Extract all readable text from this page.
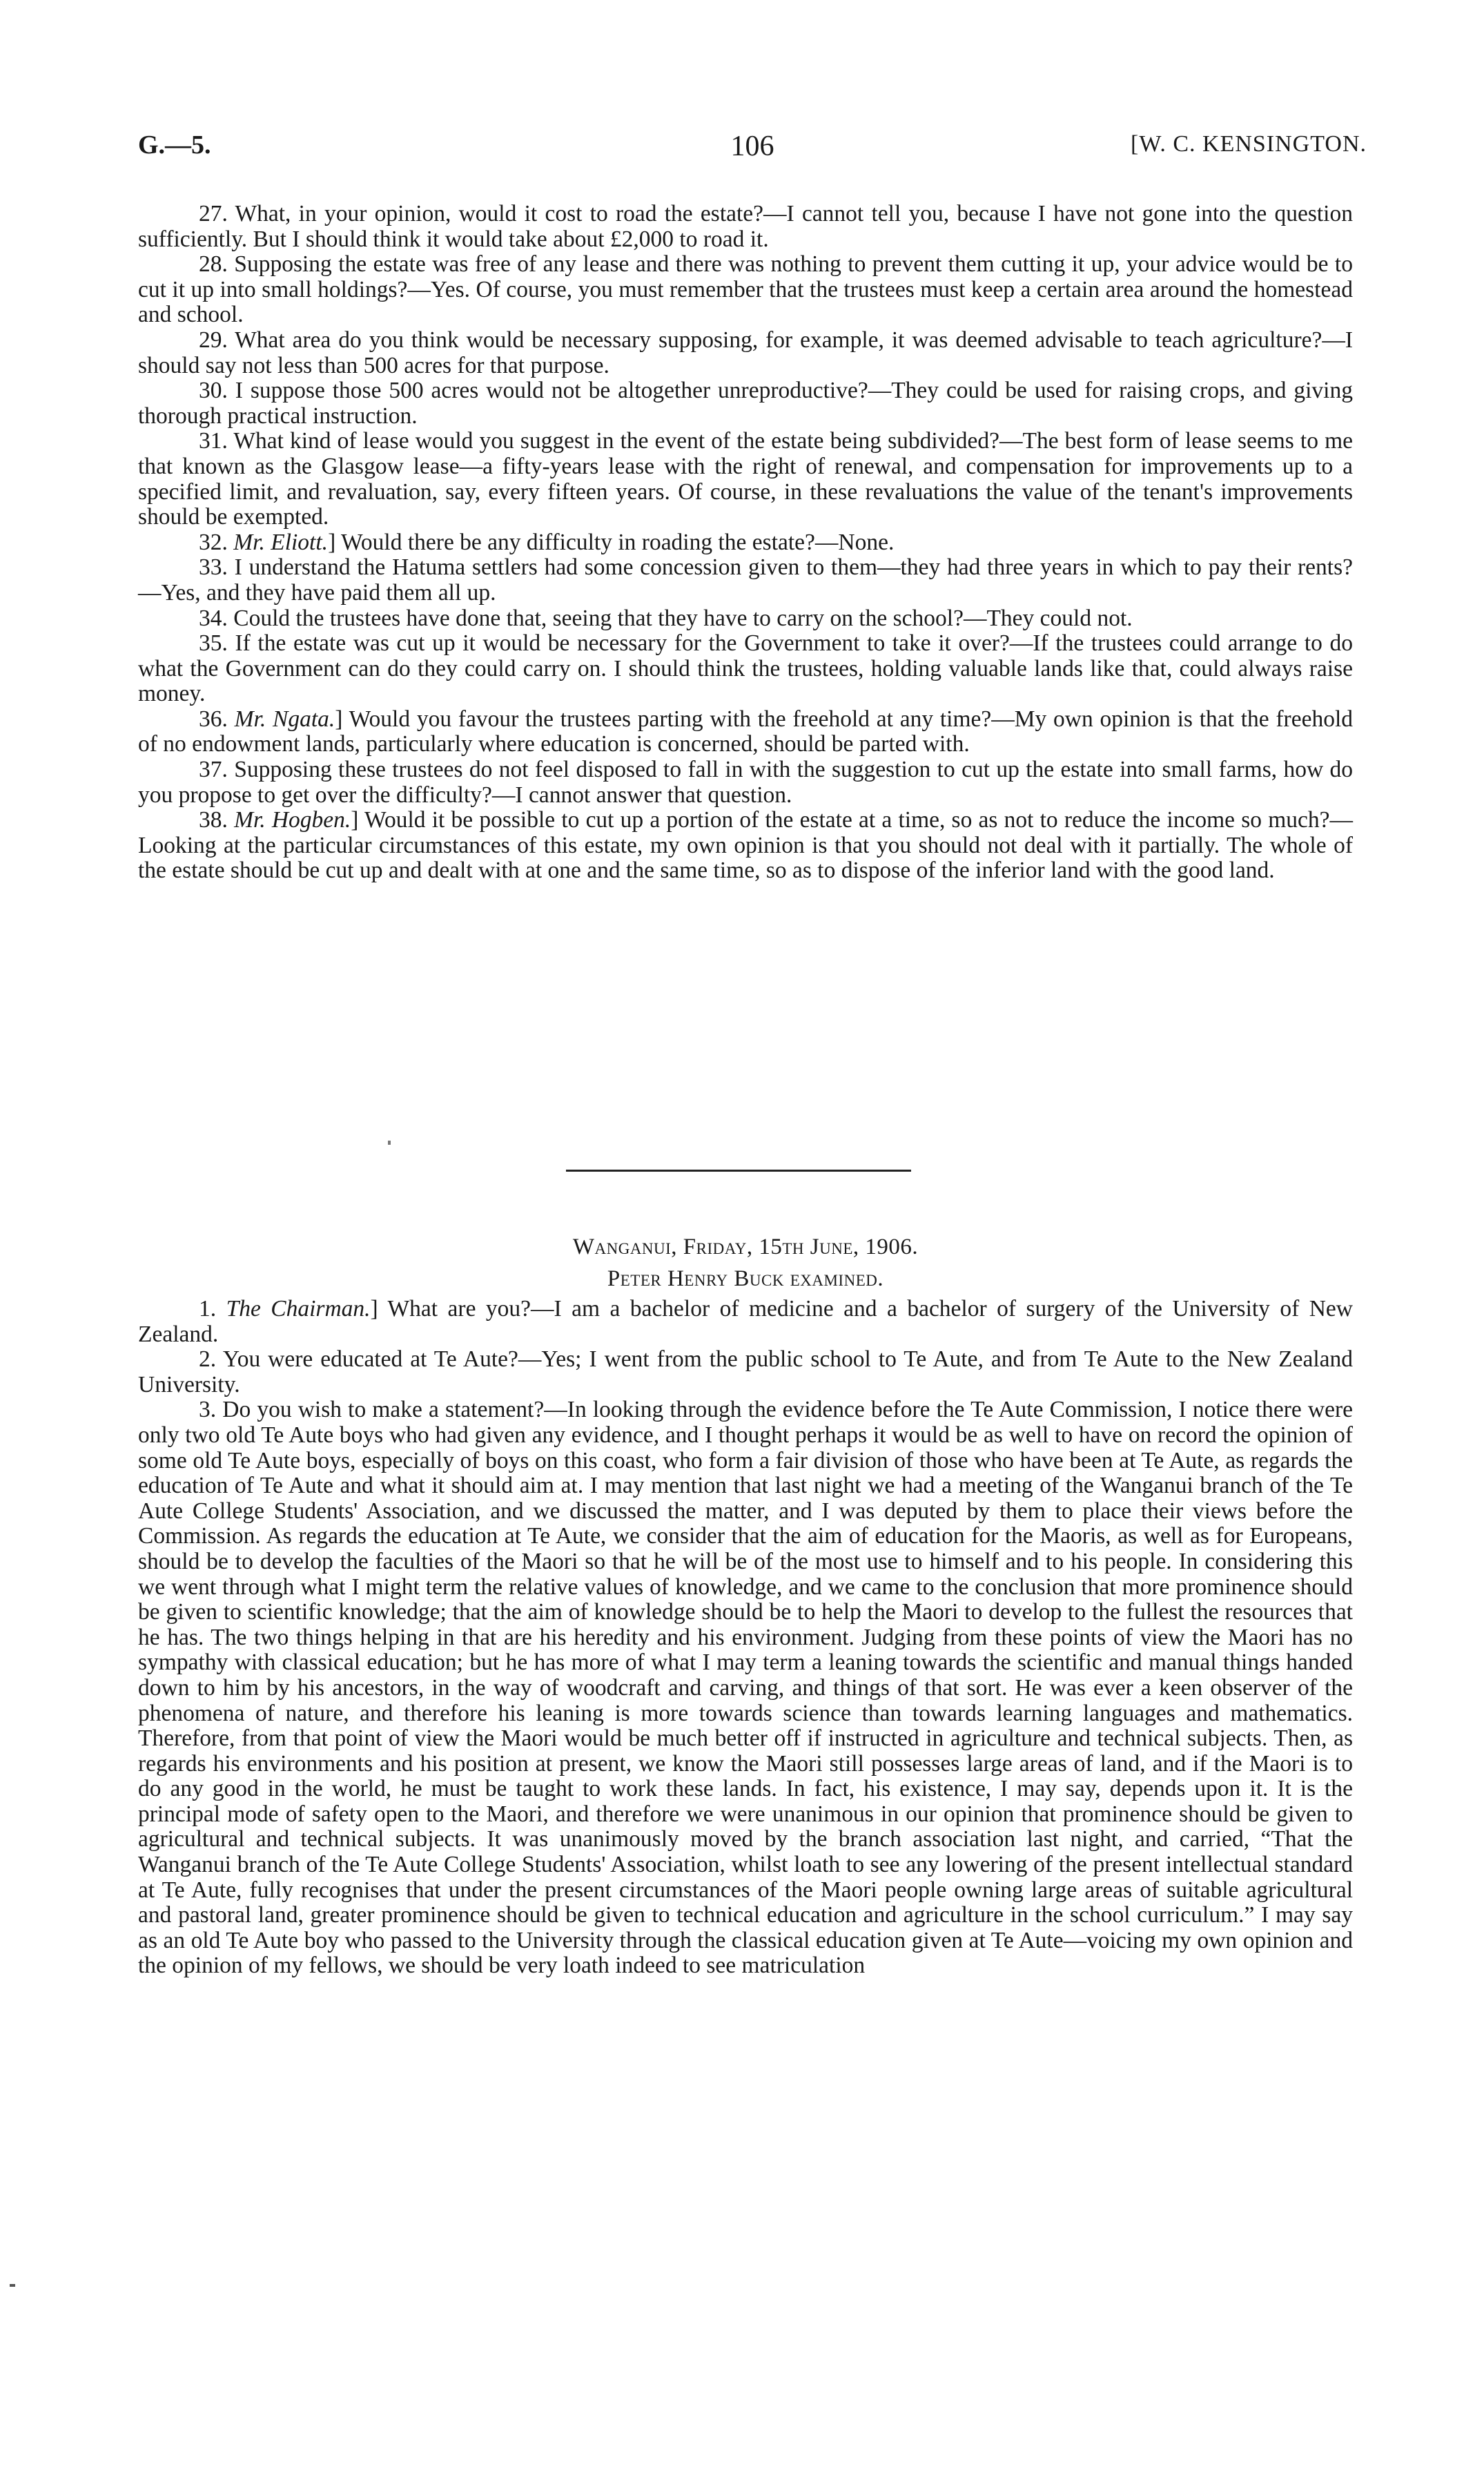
G.—5.	106	[W. C. KENSINGTON.

27. What, in your opinion, would it cost to road the estate?—I cannot tell you, because I have not gone into the question sufficiently. But I should think it would take about £2,000 to road it.

28. Supposing the estate was free of any lease and there was nothing to prevent them cutting it up, your advice would be to cut it up into small holdings?—Yes. Of course, you must remember that the trustees must keep a certain area around the homestead and school.

29. What area do you think would be necessary supposing, for example, it was deemed advisable to teach agriculture?—I should say not less than 500 acres for that purpose.

30. I suppose those 500 acres would not be altogether unreproductive?—They could be used for raising crops, and giving thorough practical instruction.

31. What kind of lease would you suggest in the event of the estate being subdivided?—The best form of lease seems to me that known as the Glasgow lease—a fifty-years lease with the right of renewal, and compensation for improvements up to a specified limit, and revaluation, say, every fifteen years. Of course, in these revaluations the value of the tenant's improvements should be exempted.

32. Mr. Eliott.] Would there be any difficulty in roading the estate?—None.

33. I understand the Hatuma settlers had some concession given to them—they had three years in which to pay their rents?—Yes, and they have paid them all up.

34. Could the trustees have done that, seeing that they have to carry on the school?—They could not.

35. If the estate was cut up it would be necessary for the Government to take it over?—If the trustees could arrange to do what the Government can do they could carry on. I should think the trustees, holding valuable lands like that, could always raise money.

36. Mr. Ngata.] Would you favour the trustees parting with the freehold at any time?—My own opinion is that the freehold of no endowment lands, particularly where education is concerned, should be parted with.

37. Supposing these trustees do not feel disposed to fall in with the suggestion to cut up the estate into small farms, how do you propose to get over the difficulty?—I cannot answer that question.

38. Mr. Hogben.] Would it be possible to cut up a portion of the estate at a time, so as not to reduce the income so much?—Looking at the particular circumstances of this estate, my own opinion is that you should not deal with it partially. The whole of the estate should be cut up and dealt with at one and the same time, so as to dispose of the inferior land with the good land.

Wanganui, Friday, 15th June, 1906.
Peter Henry Buck examined.

1. The Chairman.] What are you?—I am a bachelor of medicine and a bachelor of surgery of the University of New Zealand.

2. You were educated at Te Aute?—Yes; I went from the public school to Te Aute, and from Te Aute to the New Zealand University.

3. Do you wish to make a statement?—In looking through the evidence before the Te Aute Commission, I notice there were only two old Te Aute boys who had given any evidence, and I thought perhaps it would be as well to have on record the opinion of some old Te Aute boys, especially of boys on this coast, who form a fair division of those who have been at Te Aute, as regards the education of Te Aute and what it should aim at. I may mention that last night we had a meeting of the Wanganui branch of the Te Aute College Students' Association, and we discussed the matter, and I was deputed by them to place their views before the Commission. As regards the education at Te Aute, we consider that the aim of education for the Maoris, as well as for Europeans, should be to develop the faculties of the Maori so that he will be of the most use to himself and to his people. In considering this we went through what I might term the relative values of knowledge, and we came to the conclusion that more prominence should be given to scientific knowledge; that the aim of knowledge should be to help the Maori to develop to the fullest the resources that he has. The two things helping in that are his heredity and his environment. Judging from these points of view the Maori has no sympathy with classical education; but he has more of what I may term a leaning towards the scientific and manual things handed down to him by his ancestors, in the way of woodcraft and carving, and things of that sort. He was ever a keen observer of the phenomena of nature, and therefore his leaning is more towards science than towards learning languages and mathematics. Therefore, from that point of view the Maori would be much better off if instructed in agriculture and technical subjects. Then, as regards his environments and his position at present, we know the Maori still possesses large areas of land, and if the Maori is to do any good in the world, he must be taught to work these lands. In fact, his existence, I may say, depends upon it. It is the principal mode of safety open to the Maori, and therefore we were unanimous in our opinion that prominence should be given to agricultural and technical subjects. It was unanimously moved by the branch association last night, and carried, “That the Wanganui branch of the Te Aute College Students' Association, whilst loath to see any lowering of the present intellectual standard at Te Aute, fully recognises that under the present circumstances of the Maori people owning large areas of suitable agricultural and pastoral land, greater prominence should be given to technical education and agriculture in the school curriculum.” I may say as an old Te Aute boy who passed to the University through the classical education given at Te Aute—voicing my own opinion and the opinion of my fellows, we should be very loath indeed to see matriculation
